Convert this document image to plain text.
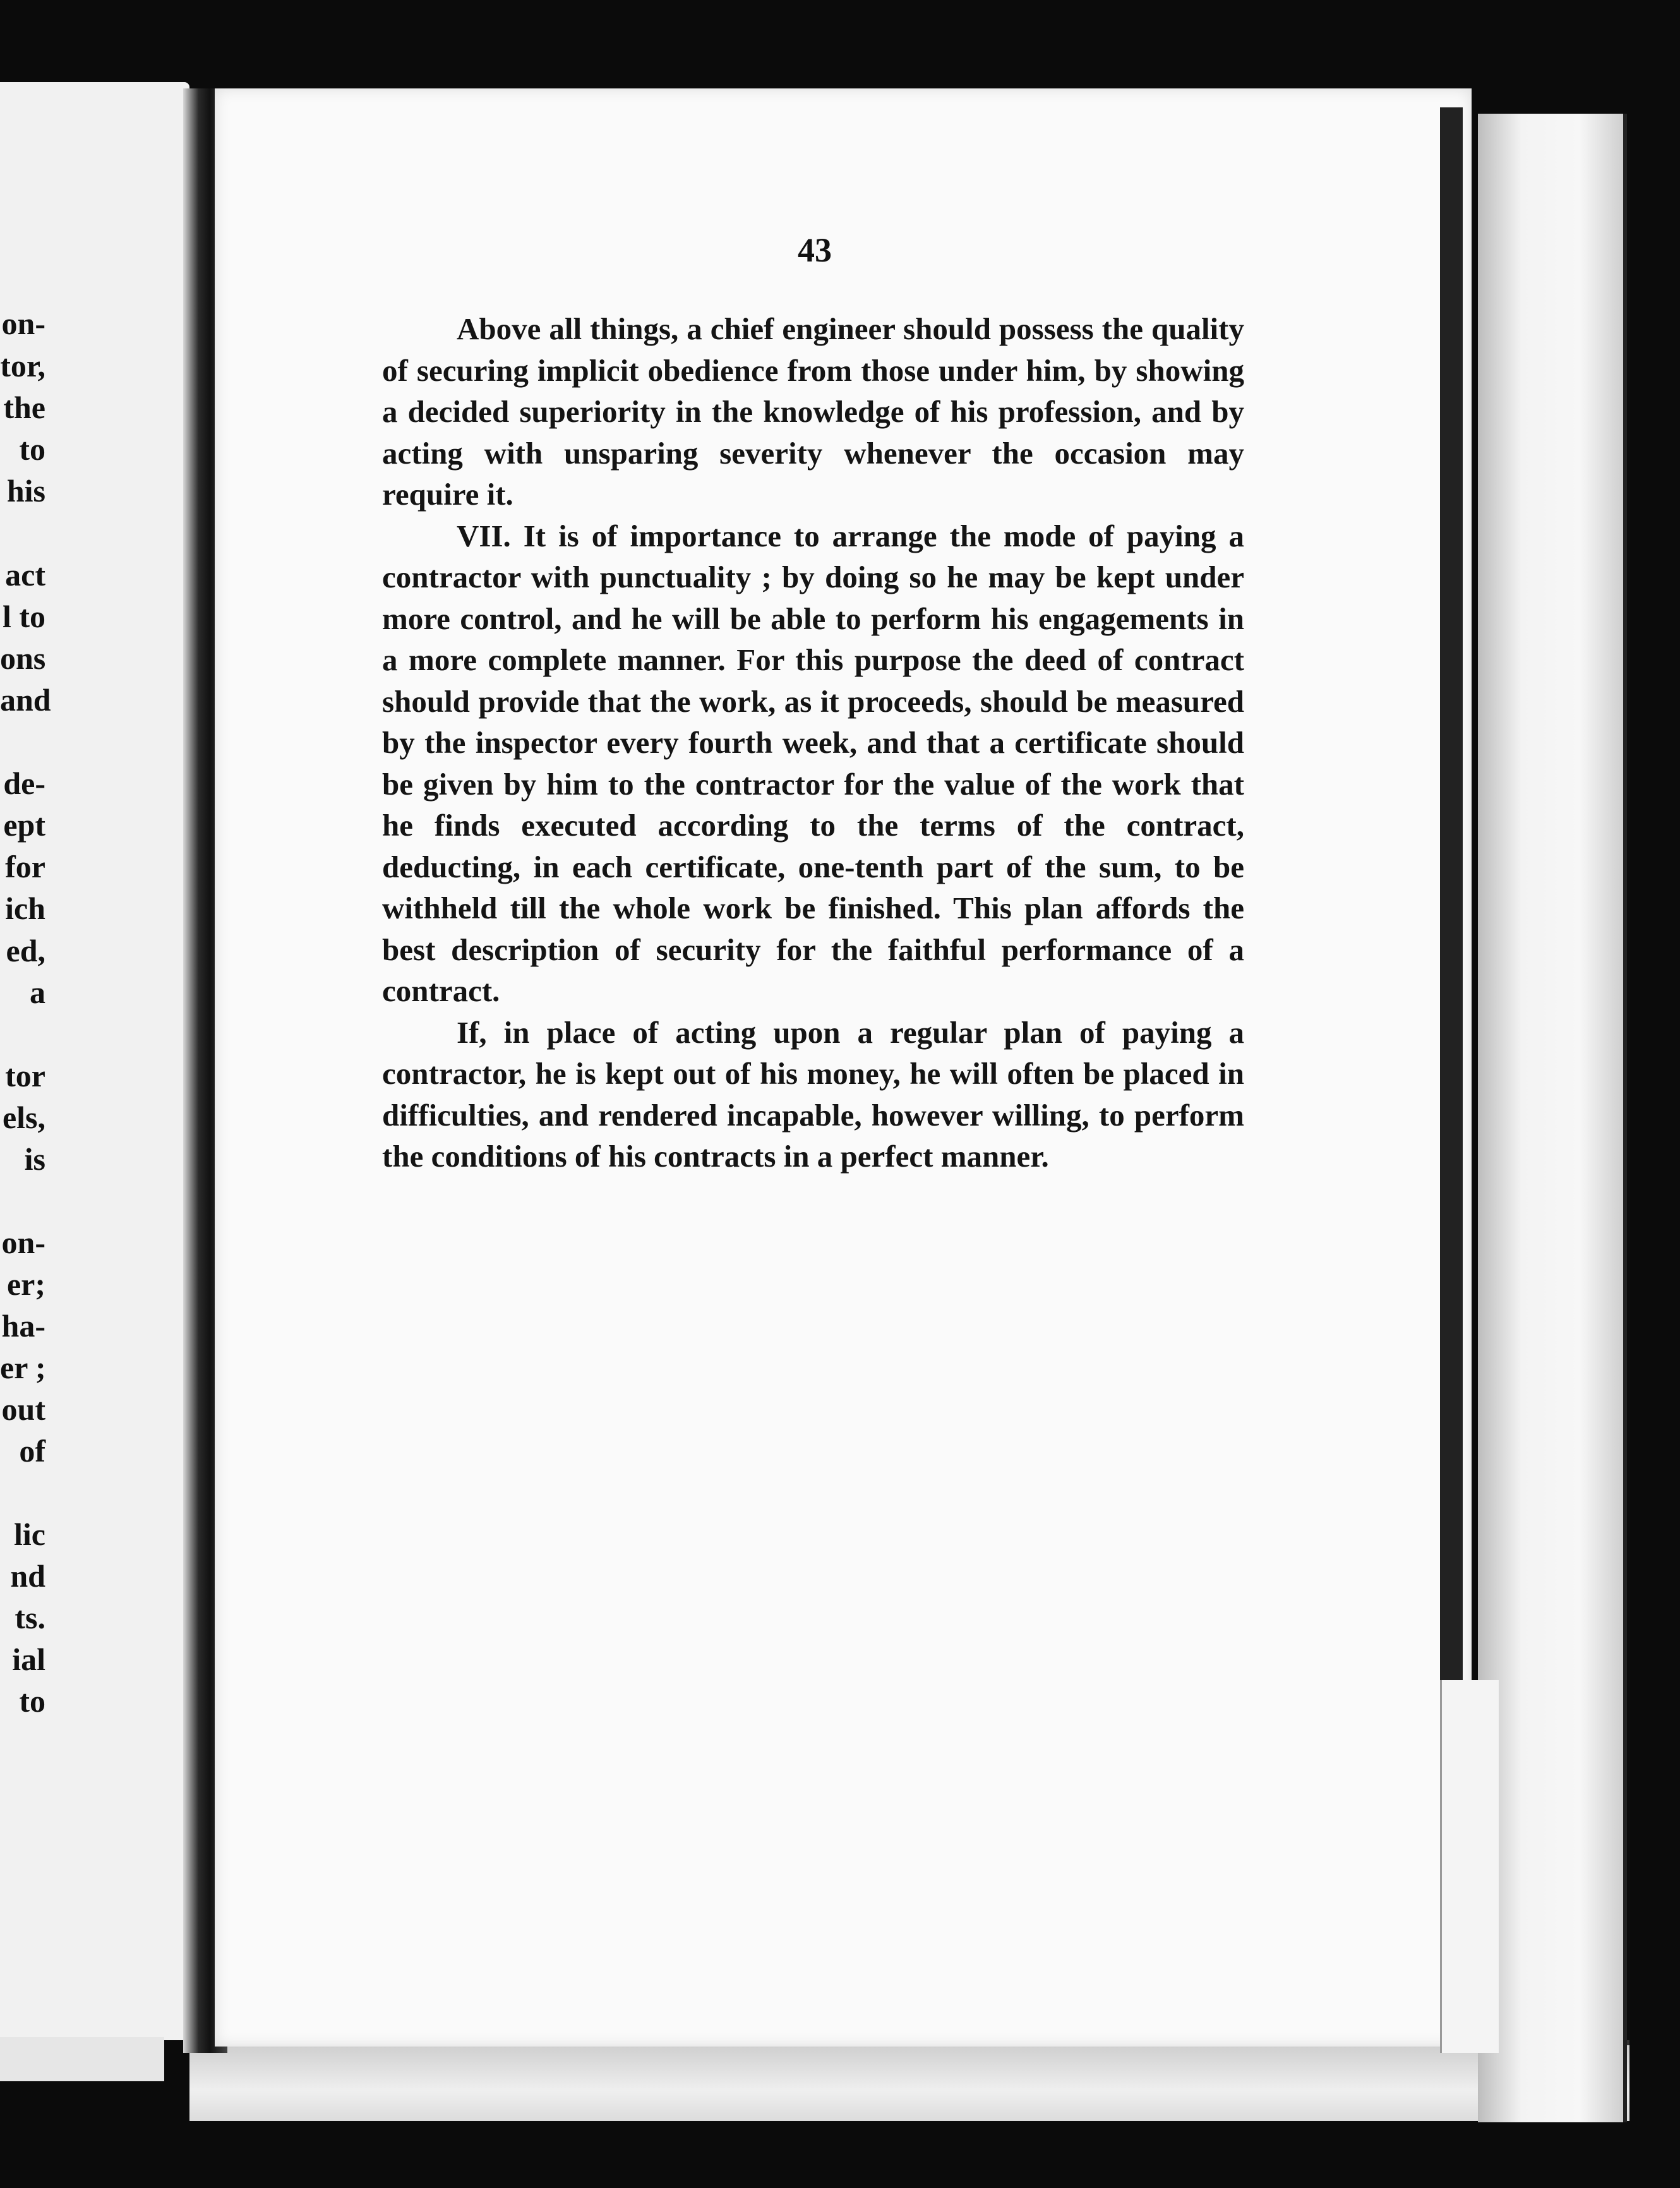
on-
tor,
the
to
his
act
l to
ons
and
de-
ept
for
ich
ed,
a
tor
els,
is
on-
er;
ha-
er ;
out
of
lic
nd
ts.
ial
to
43

Above all things, a chief engineer should possess the quality of securing implicit obedience from those under him, by showing a decided superiority in the knowledge of his profession, and by acting with unsparing severity whenever the occasion may require it.

VII. It is of importance to arrange the mode of paying a contractor with punctuality ; by doing so he may be kept under more control, and he will be able to perform his engagements in a more complete manner. For this purpose the deed of contract should provide that the work, as it proceeds, should be measured by the inspector every fourth week, and that a certificate should be given by him to the contractor for the value of the work that he finds executed according to the terms of the contract, deducting, in each certificate, one-tenth part of the sum, to be withheld till the whole work be finished. This plan affords the best description of security for the faithful performance of a contract.

If, in place of acting upon a regular plan of paying a contractor, he is kept out of his money, he will often be placed in difficulties, and rendered incapable, however willing, to perform the conditions of his contracts in a perfect manner.
